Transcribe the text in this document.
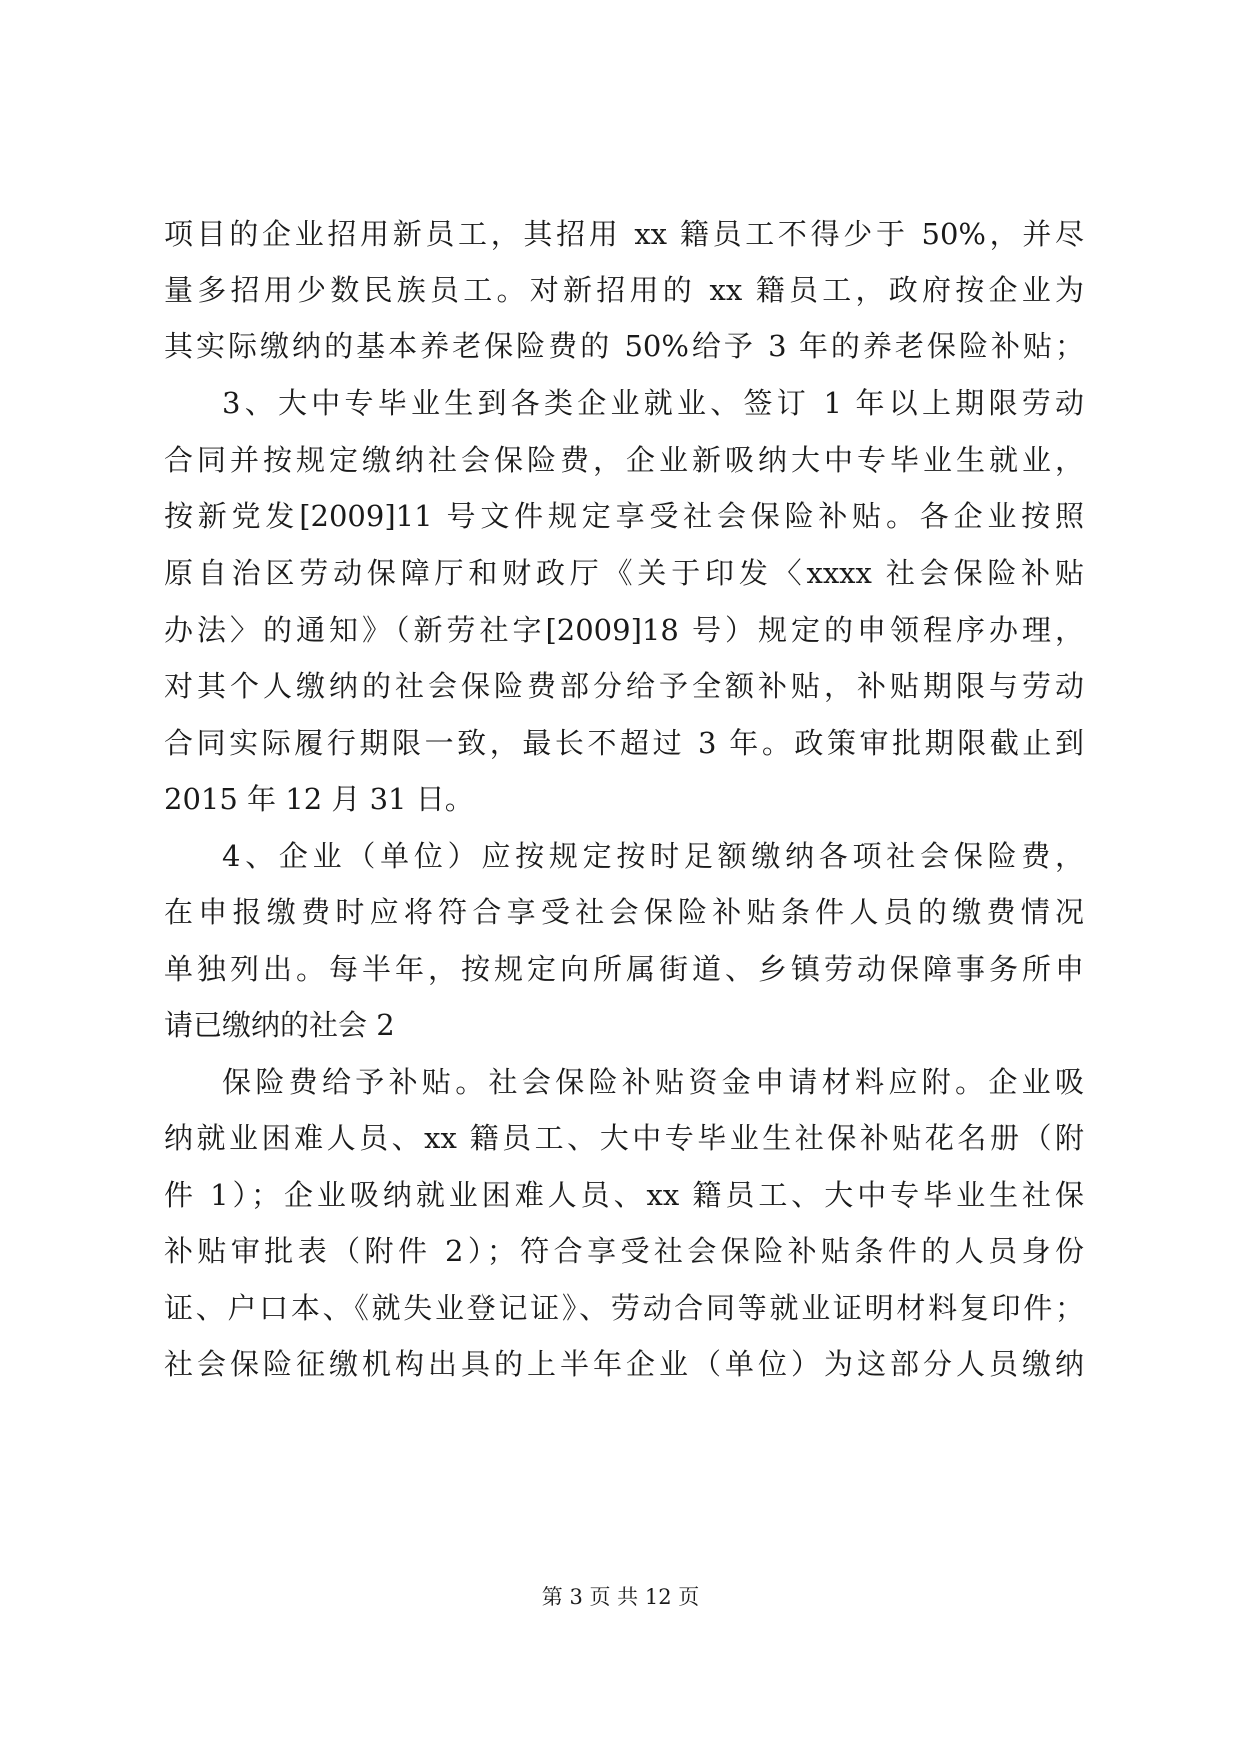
项目的企业招用新员工，其招用 xx 籍员工不得少于 50%，并尽
量多招用少数民族员工。对新招用的 xx 籍员工，政府按企业为
其实际缴纳的基本养老保险费的 50%给予 3 年的养老保险补贴；
3、大中专毕业生到各类企业就业、签订 1 年以上期限劳动
合同并按规定缴纳社会保险费，企业新吸纳大中专毕业生就业，
按新党发[2009]11 号文件规定享受社会保险补贴。各企业按照
原自治区劳动保障厅和财政厅《关于印发〈xxxx 社会保险补贴
办法〉的通知》（新劳社字[2009]18 号）规定的申领程序办理，
对其个人缴纳的社会保险费部分给予全额补贴，补贴期限与劳动
合同实际履行期限一致，最长不超过 3 年。政策审批期限截止到
2015 年 12 月 31 日。
4、企业（单位）应按规定按时足额缴纳各项社会保险费，
在申报缴费时应将符合享受社会保险补贴条件人员的缴费情况
单独列出。每半年，按规定向所属街道、乡镇劳动保障事务所申
请已缴纳的社会 2
保险费给予补贴。社会保险补贴资金申请材料应附。企业吸
纳就业困难人员、xx 籍员工、大中专毕业生社保补贴花名册（附
件 1）；企业吸纳就业困难人员、xx 籍员工、大中专毕业生社保
补贴审批表（附件 2）；符合享受社会保险补贴条件的人员身份
证、户口本、《就失业登记证》、劳动合同等就业证明材料复印件；
社会保险征缴机构出具的上半年企业（单位）为这部分人员缴纳
第 3 页 共 12 页
